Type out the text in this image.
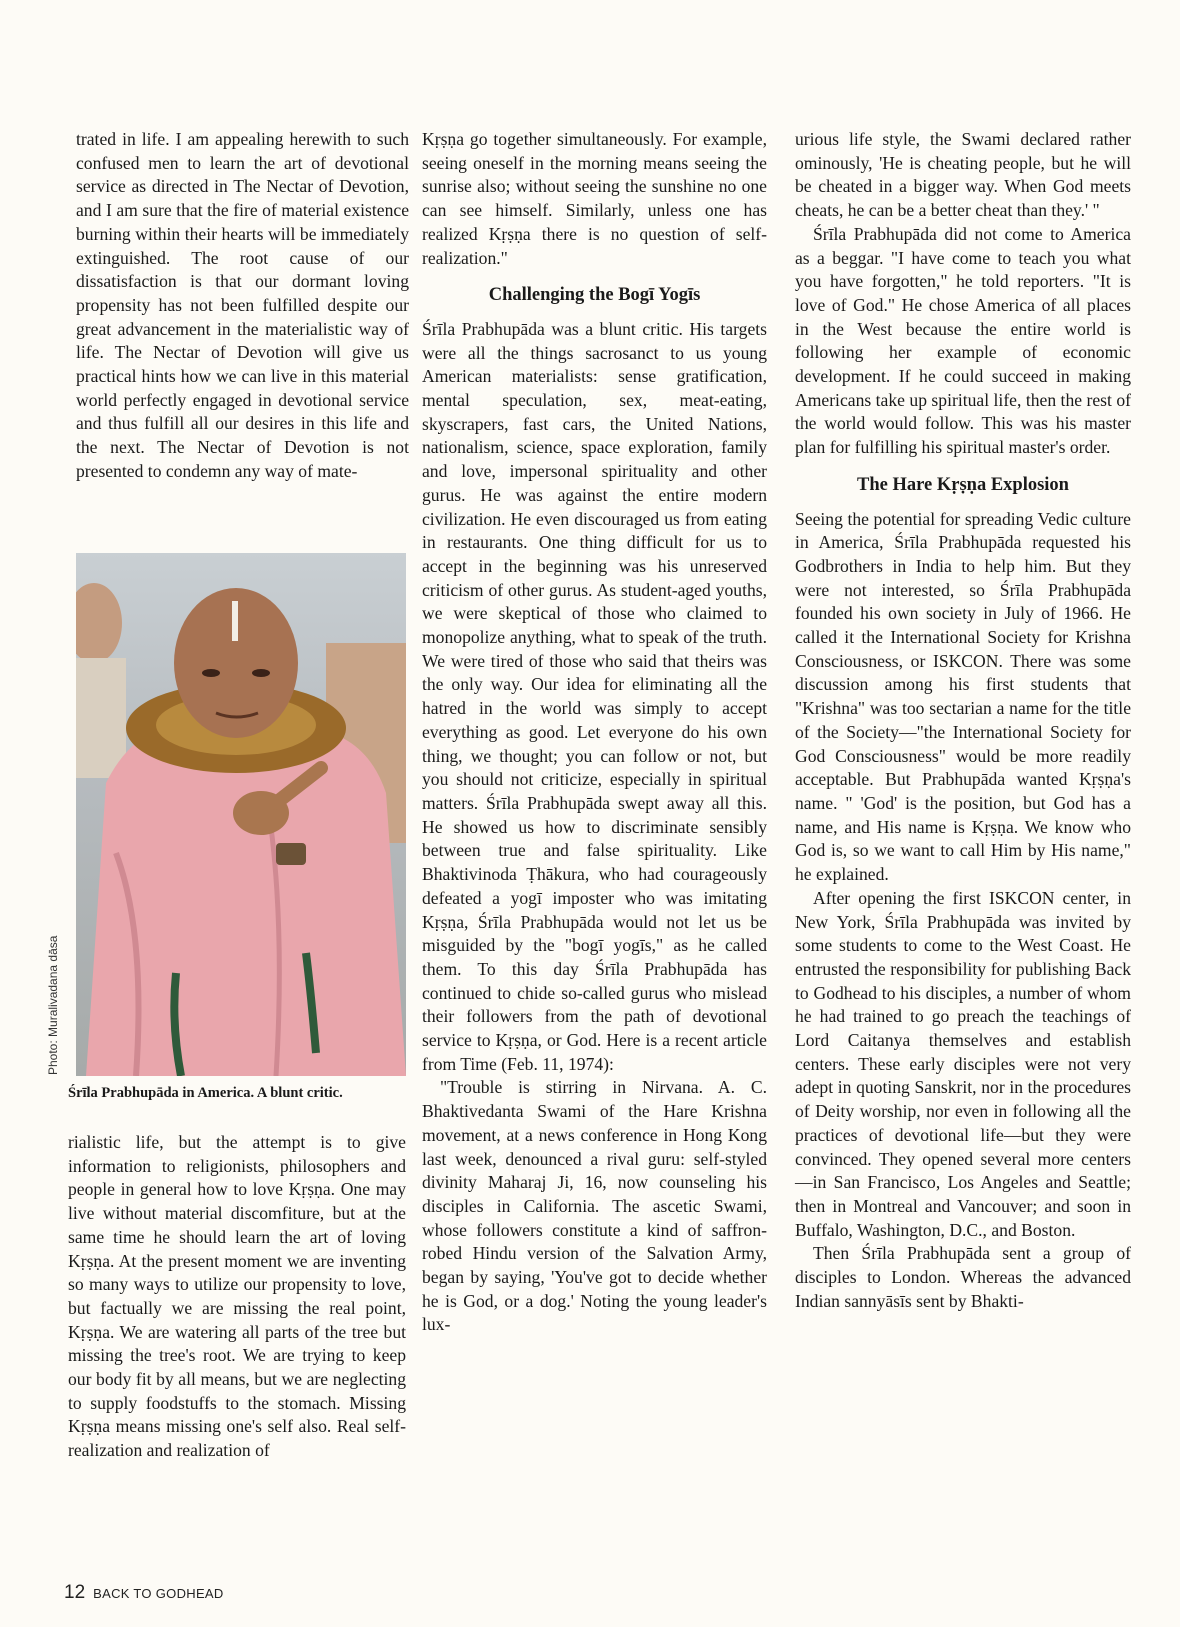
trated in life. I am appealing herewith to such confused men to learn the art of devotional service as directed in The Nectar of Devotion, and I am sure that the fire of material existence burning within their hearts will be immediately extinguished. The root cause of our dissatisfaction is that our dormant loving propensity has not been fulfilled despite our great advancement in the materialistic way of life. The Nectar of Devotion will give us practical hints how we can live in this material world perfectly engaged in devotional service and thus fulfill all our desires in this life and the next. The Nectar of Devotion is not presented to condemn any way of mate-

Photo: Muralivadana dāsa
Śrīla Prabhupāda in America. A blunt critic.

rialistic life, but the attempt is to give information to religionists, philosophers and people in general how to love Kṛṣṇa. One may live without material discomfiture, but at the same time he should learn the art of loving Kṛṣṇa. At the present moment we are inventing so many ways to utilize our propensity to love, but factually we are missing the real point, Kṛṣṇa. We are watering all parts of the tree but missing the tree's root. We are trying to keep our body fit by all means, but we are neglecting to supply foodstuffs to the stomach. Missing Kṛṣṇa means missing one's self also. Real self-realization and realization of

Kṛṣṇa go together simultaneously. For example, seeing oneself in the morning means seeing the sunrise also; without seeing the sunshine no one can see himself. Similarly, unless one has realized Kṛṣṇa there is no question of self-realization."

Challenging the Bogī Yogīs

Śrīla Prabhupāda was a blunt critic. His targets were all the things sacrosanct to us young American materialists: sense gratification, mental speculation, sex, meat-eating, skyscrapers, fast cars, the United Nations, nationalism, science, space exploration, family and love, impersonal spirituality and other gurus. He was against the entire modern civilization. He even discouraged us from eating in restaurants. One thing difficult for us to accept in the beginning was his unreserved criticism of other gurus. As student-aged youths, we were skeptical of those who claimed to monopolize anything, what to speak of the truth. We were tired of those who said that theirs was the only way. Our idea for eliminating all the hatred in the world was simply to accept everything as good. Let everyone do his own thing, we thought; you can follow or not, but you should not criticize, especially in spiritual matters. Śrīla Prabhupāda swept away all this. He showed us how to discriminate sensibly between true and false spirituality. Like Bhaktivinoda Ṭhākura, who had courageously defeated a yogī imposter who was imitating Kṛṣṇa, Śrīla Prabhupāda would not let us be misguided by the "bogī yogīs," as he called them. To this day Śrīla Prabhupāda has continued to chide so-called gurus who mislead their followers from the path of devotional service to Kṛṣṇa, or God. Here is a recent article from Time (Feb. 11, 1974):

"Trouble is stirring in Nirvana. A. C. Bhaktivedanta Swami of the Hare Krishna movement, at a news conference in Hong Kong last week, denounced a rival guru: self-styled divinity Maharaj Ji, 16, now counseling his disciples in California. The ascetic Swami, whose followers constitute a kind of saffron-robed Hindu version of the Salvation Army, began by saying, 'You've got to decide whether he is God, or a dog.' Noting the young leader's lux-

urious life style, the Swami declared rather ominously, 'He is cheating people, but he will be cheated in a bigger way. When God meets cheats, he can be a better cheat than they.' "

Śrīla Prabhupāda did not come to America as a beggar. "I have come to teach you what you have forgotten," he told reporters. "It is love of God." He chose America of all places in the West because the entire world is following her example of economic development. If he could succeed in making Americans take up spiritual life, then the rest of the world would follow. This was his master plan for fulfilling his spiritual master's order.

The Hare Kṛṣṇa Explosion

Seeing the potential for spreading Vedic culture in America, Śrīla Prabhupāda requested his Godbrothers in India to help him. But they were not interested, so Śrīla Prabhupāda founded his own society in July of 1966. He called it the International Society for Krishna Consciousness, or ISKCON. There was some discussion among his first students that "Krishna" was too sectarian a name for the title of the Society—"the International Society for God Consciousness" would be more readily acceptable. But Prabhupāda wanted Kṛṣṇa's name. " 'God' is the position, but God has a name, and His name is Kṛṣṇa. We know who God is, so we want to call Him by His name," he explained.

After opening the first ISKCON center, in New York, Śrīla Prabhupāda was invited by some students to come to the West Coast. He entrusted the responsibility for publishing Back to Godhead to his disciples, a number of whom he had trained to go preach the teachings of Lord Caitanya themselves and establish centers. These early disciples were not very adept in quoting Sanskrit, nor in the procedures of Deity worship, nor even in following all the practices of devotional life—but they were convinced. They opened several more centers—in San Francisco, Los Angeles and Seattle; then in Montreal and Vancouver; and soon in Buffalo, Washington, D.C., and Boston.

Then Śrīla Prabhupāda sent a group of disciples to London. Whereas the advanced Indian sannyāsīs sent by Bhakti-

12 BACK TO GODHEAD
